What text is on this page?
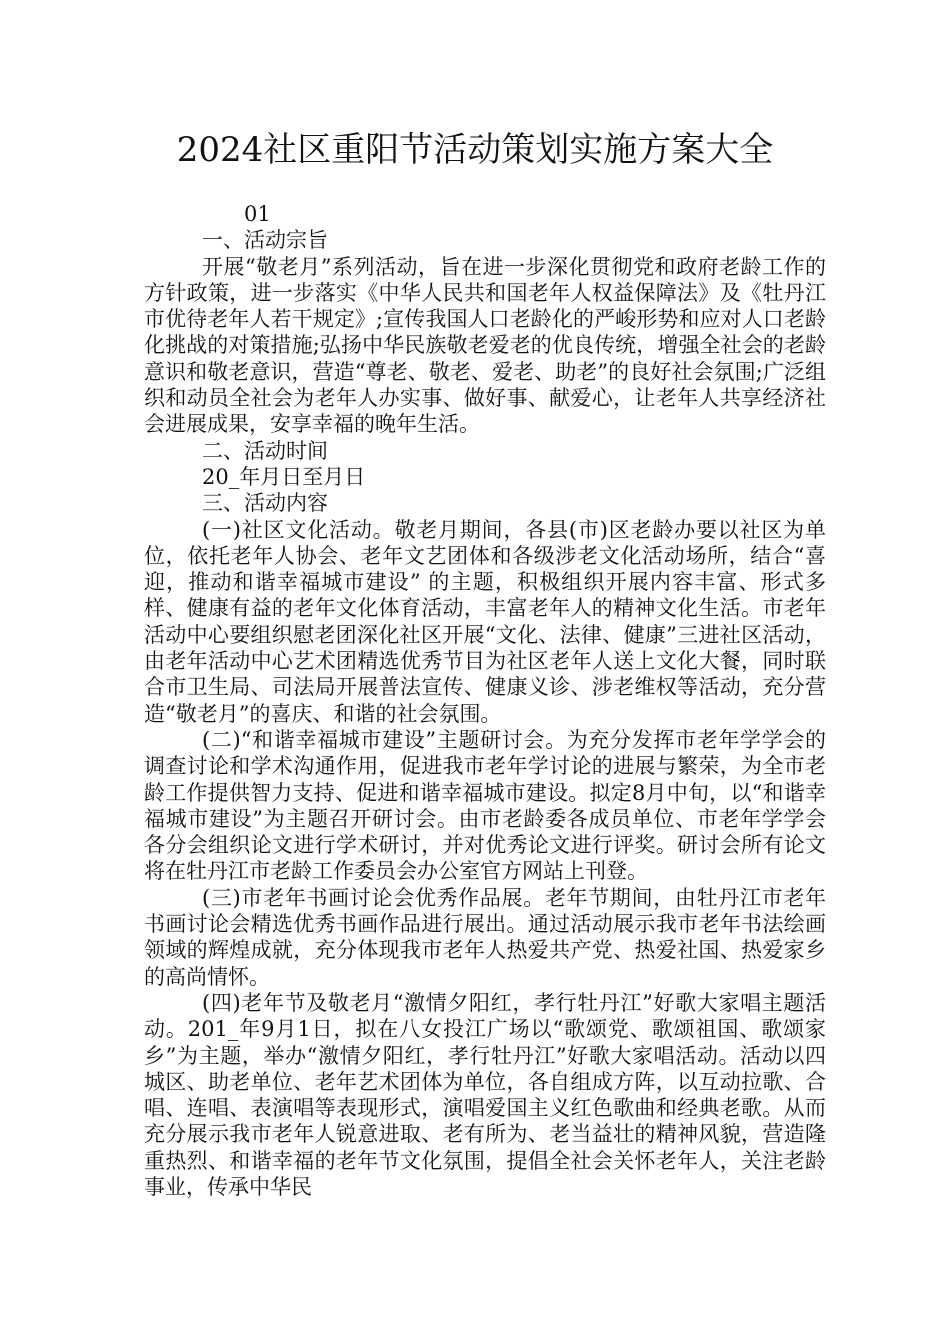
2024社区重阳节活动策划实施方案大全

01

一、活动宗旨

开展“敬老月”系列活动，旨在进一步深化贯彻党和政府老龄工作的方针政策，进一步落实《中华人民共和国老年人权益保障法》及《牡丹江市优待老年人若干规定》;宣传我国人口老龄化的严峻形势和应对人口老龄化挑战的对策措施;弘扬中华民族敬老爱老的优良传统，增强全社会的老龄意识和敬老意识，营造“尊老、敬老、爱老、助老”的良好社会氛围;广泛组织和动员全社会为老年人办实事、做好事、献爱心，让老年人共享经济社会进展成果，安享幸福的晚年生活。

二、活动时间

20_年月日至月日

三、活动内容

(一)社区文化活动。敬老月期间，各县(市)区老龄办要以社区为单位，依托老年人协会、老年文艺团体和各级涉老文化活动场所，结合“喜迎，推动和谐幸福城市建设” 的主题，积极组织开展内容丰富、形式多样、健康有益的老年文化体育活动，丰富老年人的精神文化生活。市老年活动中心要组织慰老团深化社区开展“文化、法律、健康”三进社区活动，由老年活动中心艺术团精选优秀节目为社区老年人送上文化大餐，同时联合市卫生局、司法局开展普法宣传、健康义诊、涉老维权等活动，充分营造“敬老月”的喜庆、和谐的社会氛围。

(二)“和谐幸福城市建设”主题研讨会。为充分发挥市老年学学会的调查讨论和学术沟通作用，促进我市老年学讨论的进展与繁荣，为全市老龄工作提供智力支持、促进和谐幸福城市建设。拟定8月中旬，以“和谐幸福城市建设”为主题召开研讨会。由市老龄委各成员单位、市老年学学会各分会组织论文进行学术研讨，并对优秀论文进行评奖。研讨会所有论文将在牡丹江市老龄工作委员会办公室官方网站上刊登。

(三)市老年书画讨论会优秀作品展。老年节期间，由牡丹江市老年书画讨论会精选优秀书画作品进行展出。通过活动展示我市老年书法绘画领域的辉煌成就，充分体现我市老年人热爱共产党、热爱社国、热爱家乡的高尚情怀。

(四)老年节及敬老月“激情夕阳红，孝行牡丹江”好歌大家唱主题活动。201_年9月1日，拟在八女投江广场以“歌颂党、歌颂祖国、歌颂家乡”为主题，举办“激情夕阳红，孝行牡丹江”好歌大家唱活动。活动以四城区、助老单位、老年艺术团体为单位，各自组成方阵，以互动拉歌、合唱、连唱、表演唱等表现形式，演唱爱国主义红色歌曲和经典老歌。从而充分展示我市老年人锐意进取、老有所为、老当益壮的精神风貌，营造隆重热烈、和谐幸福的老年节文化氛围，提倡全社会关怀老年人，关注老龄事业，传承中华民
